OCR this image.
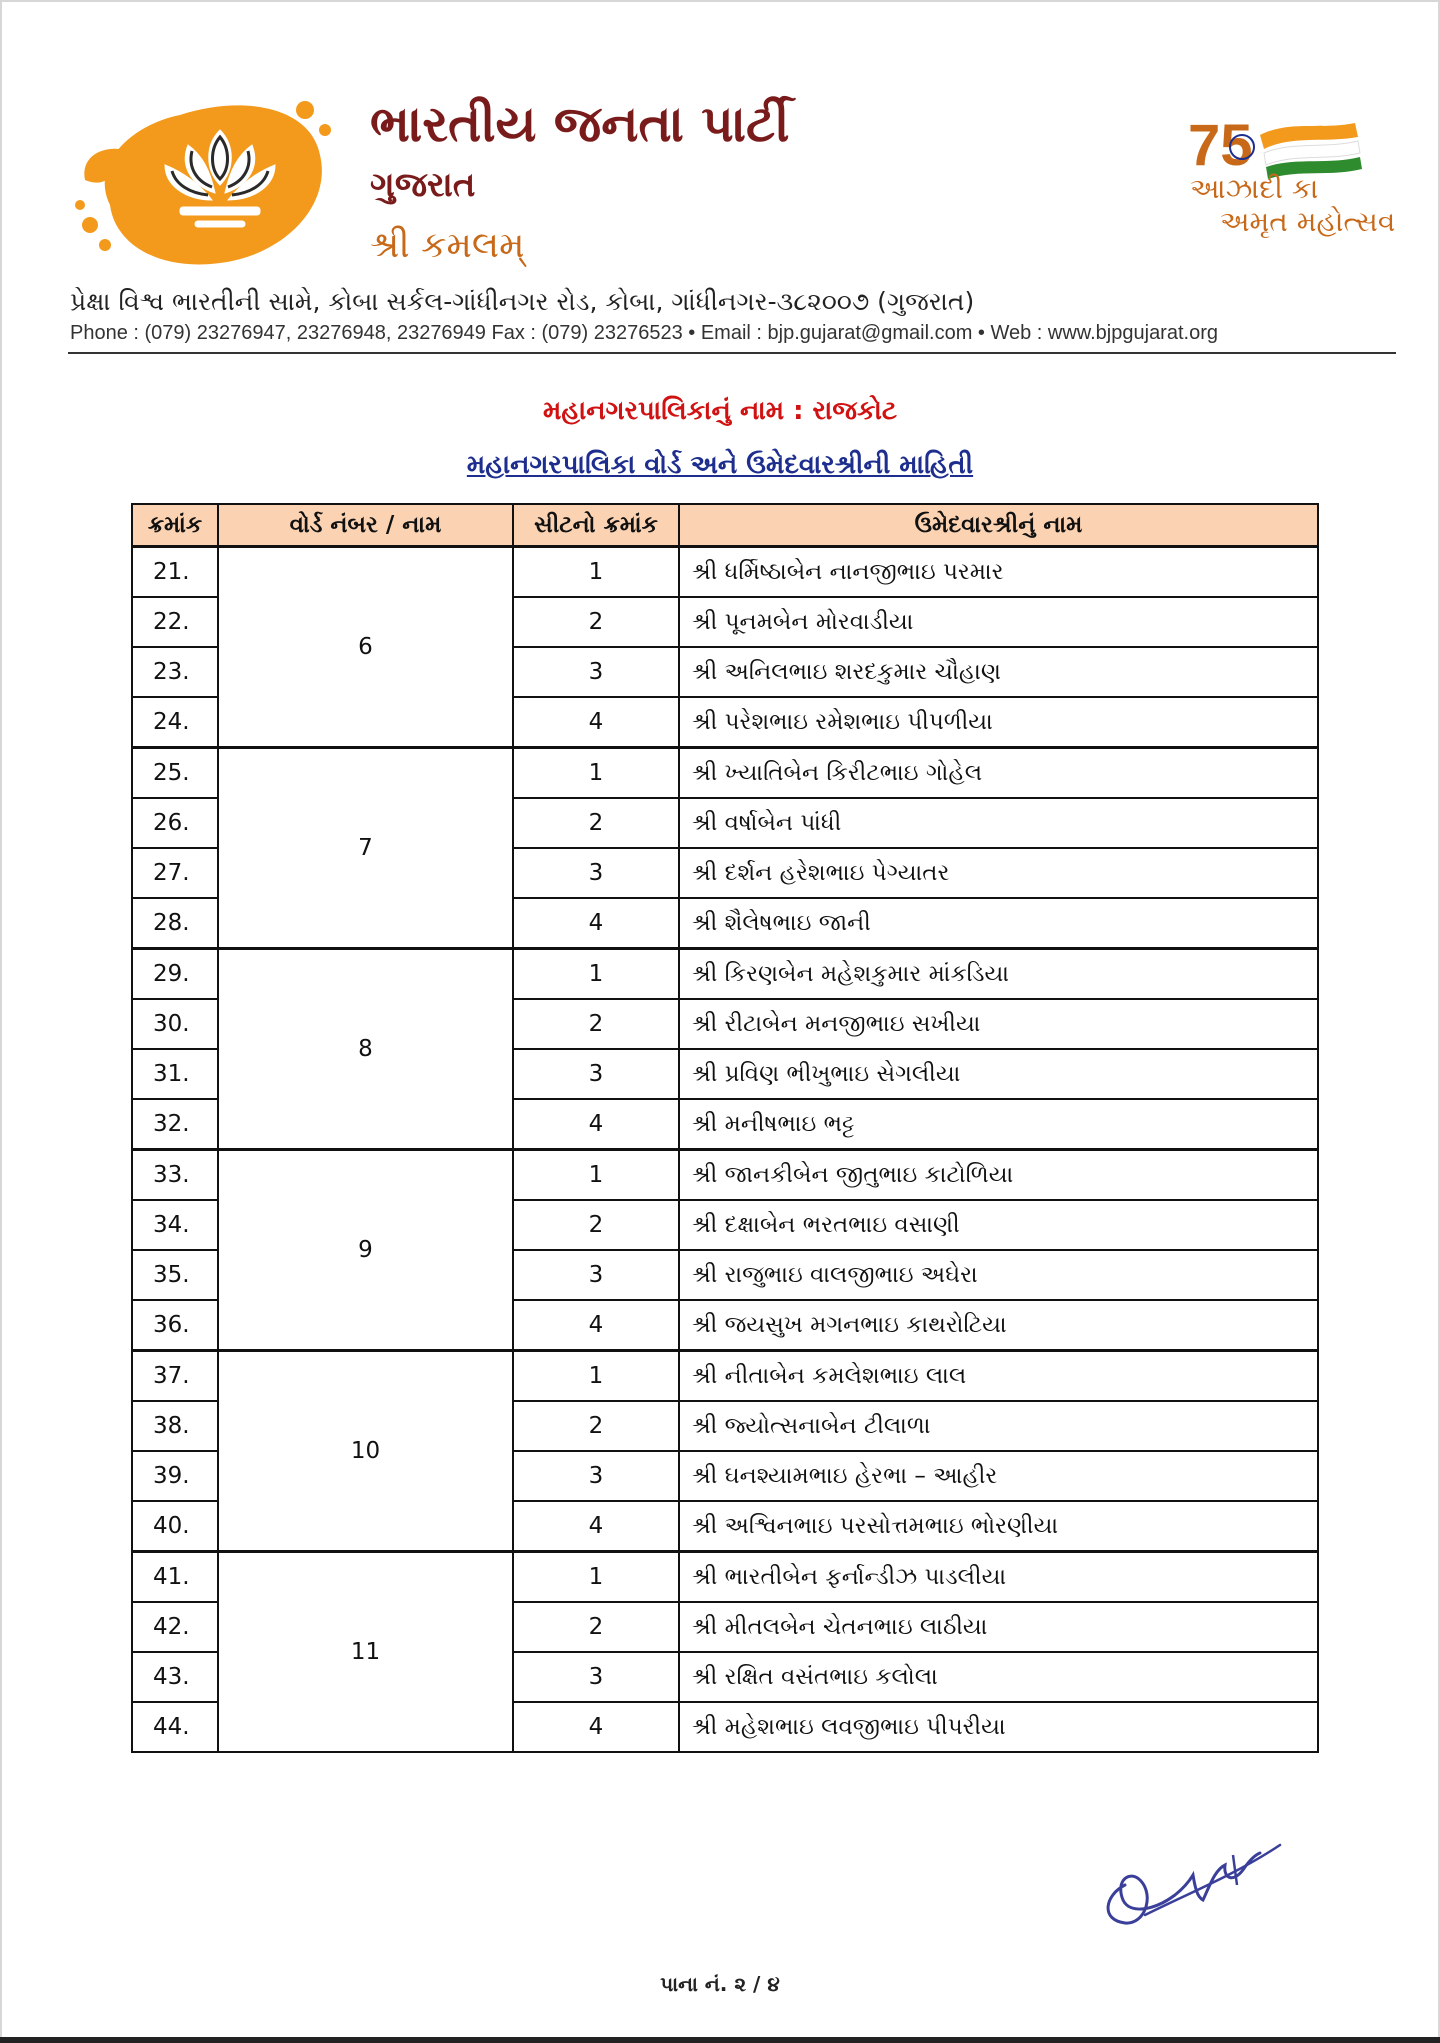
ભારતીય જનતા પાર્ટી
ગુજરાત
શ્રી કમલમ્
75
આઝાદી કા
અમૃત મહોત્સવ
પ્રેક્ષા વિશ્વ ભારતીની સામે, કોબા સર્કલ-ગાંધીનગર રોડ, કોબા, ગાંધીનગર-૩૮૨૦૦૭ (ગુજરાત)
Phone : (079) 23276947, 23276948, 23276949 Fax : (079) 23276523 • Email : bjp.gujarat@gmail.com • Web : www.bjpgujarat.org
મહાનગરપાલિકાનું નામ : રાજકોટ
મહાનગરપાલિકા વોર્ડ અને ઉમેદવારશ્રીની માહિતી
ક્રમાંક	વોર્ડ નંબર / નામ	સીટનો ક્રમાંક	ઉમેદવારશ્રીનું નામ
21.	6	1	શ્રી ધર્મિષ્ઠાબેન નાનજીભાઇ પરમાર
22.		2	શ્રી પૂનમબેન મોરવાડીયા
23.		3	શ્રી અનિલભાઇ શરદકુમાર ચૌહાણ
24.		4	શ્રી પરેશભાઇ રમેશભાઇ પીપળીયા
25.	7	1	શ્રી ખ્યાતિબેન કિરીટભાઇ ગોહેલ
26.		2	શ્રી વર્ષાબેન પાંધી
27.		3	શ્રી દર્શન હરેશભાઇ પેગ્યાતર
28.		4	શ્રી શૈલેષભાઇ જાની
29.	8	1	શ્રી કિરણબેન મહેશકુમાર માંકડિયા
30.		2	શ્રી રીટાબેન મનજીભાઇ સખીયા
31.		3	શ્રી પ્રવિણ ભીખુભાઇ સેગલીયા
32.		4	શ્રી મનીષભાઇ ભટ્ટ
33.	9	1	શ્રી જાનકીબેન જીતુભાઇ કાટોળિયા
34.		2	શ્રી દક્ષાબેન ભરતભાઇ વસાણી
35.		3	શ્રી રાજુભાઇ વાલજીભાઇ અઘેરા
36.		4	શ્રી જયસુખ મગનભાઇ કાથરોટિયા
37.	10	1	શ્રી નીતાબેન કમલેશભાઇ લાલ
38.		2	શ્રી જ્યોત્સનાબેન ટીલાળા
39.		3	શ્રી ઘનશ્યામભાઇ હેરભા – આહીર
40.		4	શ્રી અશ્વિનભાઇ પરસોત્તમભાઇ ભોરણીયા
41.	11	1	શ્રી ભારતીબેન ફર્નાન્ડીઝ પાડલીયા
42.		2	શ્રી મીતલબેન ચેતનભાઇ લાઠીયા
43.		3	શ્રી રક્ષિત વસંતભાઇ કલોલા
44.		4	શ્રી મહેશભાઇ લવજીભાઇ પીપરીયા
પાના નં. ૨ / ૪
